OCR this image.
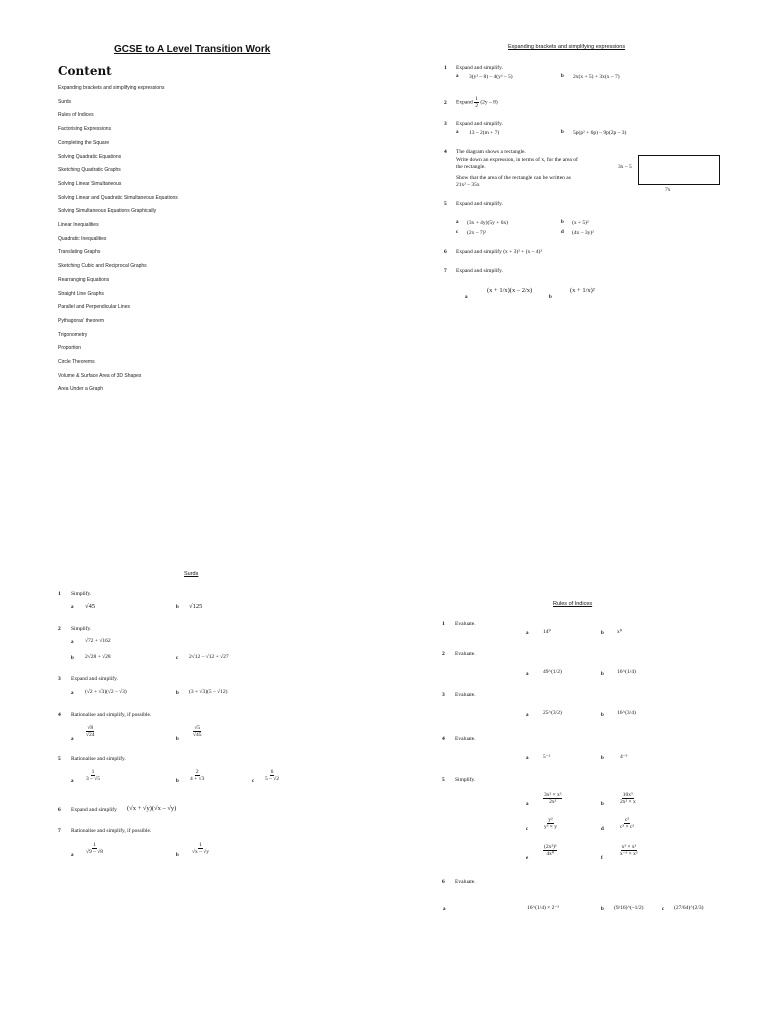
GCSE to A Level Transition Work
Content
Expanding brackets and simplifying expressions
Surds
Rules of Indices
Factorising Expressions
Completing the Square
Solving Quadratic Equations
Sketching Quadratic Graphs
Solving Linear Simultaneous
Solving Linear and Quadratic Simultaneous Equations
Solving Simultaneous Equations Graphically
Linear Inequalities
Quadratic Inequalities
Translating Graphs
Sketching Cubic and Reciprocal Graphs
Rearranging Equations
Straight Line Graphs
Parallel and Perpendicular Lines
Pythagoras' theorem
Trigonometry
Proportion
Circle Theorems
Volume & Surface Area of 3D Shapes
Area Under a Graph
Expanding brackets and simplifying expressions
1 Expand and simplify.
a 3(y² – 8) – 4(y² – 5)	b 2x(x + 5) + 3x(x – 7)
2 Expand $\frac{1}{2} (2y - 8)$
3 Expand and simplify.
a 13 – 2(m + 7)	b 5p(p² + 6p) – 9p(2p – 3)
4 The diagram shows a rectangle.
Write down an expression, in terms of x, for the area of
the rectangle.
Show that the area of the rectangle can be written as
21x² – 35x
3x – 5
7x
5 Expand and simplify.
a (3x + 4y)(5y + 6x)	b (x + 5)²
c (2x – 7)²	d (4x – 3y)²
6 Expand and simplify (x + 3)² + (x – 4)²
7 Expand and simplify.
a
(x + 1/x)(x – 2/x)
b
(x + 1/x)²
Surds
1 Simplify.
a √45	b √125
2 Simplify.
a √72 + √162
b 2√28 + √28	c 2√12 – √12 + √27
3 Expand and simplify.
a (√2 + √3)(√2 – √3)	b (3 + √3)(5 – √12)
4 Rationalise and simplify, if possible.
a
$\frac{√8}{√24}$
b
$\frac{√5}{√45}$
5 Rationalise and simplify.
a $\frac{1}{3 - √5}$	b $\frac{2}{4 + √3}$	c $\frac{6}{5 - √2}$
6 Expand and simplify (√x + √y)(√x – √y)
7 Rationalise and simplify, if possible.
a
$\frac{1}{√9 - √8}$
b
$\frac{1}{√x - √y}$
Rules of Indices
1 Evaluate.
a	14⁰	b x⁰
2 Evaluate.
a	49^(1/2)	b 16^(1/4)
3 Evaluate.
a	25^(3/2)	b 16^(3/4)
4 Evaluate.
a	5⁻²	b	4⁻³
5 Simplify.
a	$\frac{\text{3x² × x³}}{\text{2x²}}$	b	$\frac{\text{10x⁵}}{\text{2x² × x}}$
c	$\frac{\text{y²}}{\text{y³ × y}}$	d	$\frac{\text{c²}}{\text{c³ × c²}}$
e
$\frac{\text{(2x²)³}}{\text{4x⁰}}$
f
$\frac{\text{x³ × x²}}{\text{x⁻³ × x⁵}}$
6 Evaluate.
a	16^(1/4) × 2⁻³	b (9/16)^(–1/2)	c (27/64)^(2/3)
